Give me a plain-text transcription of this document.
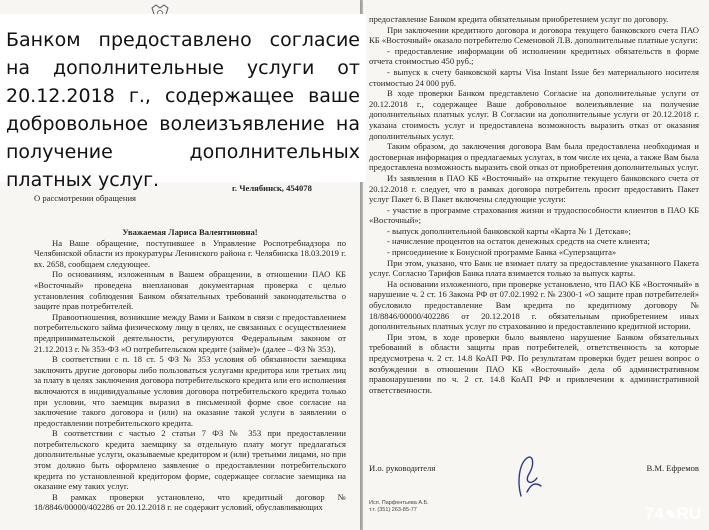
г. Челябинск, 454078
О рассмотрении обращения

Уважаемая Лариса Валентиновна!

На Ваше обращение, поступившее в Управление Роспотребнадзора по Челябинской области из прокуратуры Ленинского района г. Челябинска 18.03.2019 г. вх. 2658, сообщаем следующее.

По основаниям, изложенным в Вашем обращении, в отношении ПАО КБ «Восточный» проведена внеплановая документарная проверка с целью установления соблюдения Банком обязательных требований законодательства о защите прав потребителей.

Правоотношения, возникшие между Вами и Банком в связи с предоставлением потребительского займа физическому лицу в целях, не связанных с осуществлением предпринимательской деятельности, регулируются Федеральным законом от 21.12.2013 г. № 353-ФЗ «О потребительском кредите (займе)» (далее – ФЗ № 353).

В соответствии с п. 18 ст. 5 ФЗ № 353 условия об обязанности заемщика заключить другие договоры либо пользоваться услугами кредитора или третьих лиц за плату в целях заключения договора потребительского кредита или его исполнения включаются в индивидуальные условия договора потребительского кредита только при условии, что заемщик выразил в письменной форме свое согласие на заключение такого договора и (или) на оказание такой услуги в заявлении о предоставлении потребительского кредита.

В соответствии с частью 2 статьи 7 ФЗ № 353 при предоставлении потребительского кредита заемщику за отдельную плату могут предлагаться дополнительные услуги, оказываемые кредитором и (или) третьими лицами, но при этом должно быть оформлено заявление о предоставлении потребительского кредита по установленной кредитором форме, содержащее согласие заемщика на оказание ему таких услуг.

В рамках проверки установлено, что кредитный договор № 18/8846/00000/402286 от 20.12.2018 г. не содержит условий, обуславливающих

предоставление Банком кредита обязательным приобретением услуг по договору.

При заключении кредитного договора и договора текущего банковского счета ПАО КБ «Восточный» оказало потребителю Семеновой Л.В. дополнительные платные услуги:

- предоставление информации об исполнении кредитных обязательств в форме отчета стоимостью 450 руб.;

- выпуск к счету банковской карты Visa Instant Issue без материального носителя стоимостью 24 000 руб.

В ходе проверки Банком представлено Согласие на дополнительные услуги от 20.12.2018 г., содержащее Ваше добровольное волеизъявление на получение дополнительных платных услуг. В Согласии на дополнительные услуги от 20.12.2018 г. указана стоимость услуг и предоставлена возможность выразить отказ от оказания дополнительных услуг.

Таким образом, до заключения договора Вам была предоставлена необходимая и достоверная информация о предлагаемых услугах, в том числе их цена, а также Вам была предоставлена возможность выразить свой отказ от приобретения дополнительных услуг.

Из заявления в ПАО КБ «Восточный» на открытие текущего банковского счета от 20.12.2018 г. следует, что в рамках договора потребитель просит предоставить Пакет услуг Пакет 6. В Пакет включены следующие услуги:

- участие в программе страхования жизни и трудоспособности клиентов в ПАО КБ «Восточный»;

- выпуск дополнительной банковской карты «Карта № 1 Детская»;

- начисление процентов на остаток денежных средств на счете клиента;

- присоединение к Бонусной программе Банка «Суперзащита»

При этом, указано, что Банк не взимает плату за предоставление указанного Пакета услуг. Согласно Тарифов Банка плата взимается только за выпуск карты.

На основании изложенного, при проверке установлено, что ПАО КБ «Восточный» в нарушение ч. 2 ст. 16 Закона РФ от 07.02.1992 г. № 2300-1 «О защите прав потребителей» обусловило предоставление Вам кредита по кредитному договору № 18/8846/00000/402286 от 20.12.2018 г. обязательным приобретением иных дополнительных платных услуг по страхованию и предоставлению кредитной истории.

При этом, в ходе проверки было выявлено нарушение Банком обязательных требований в области защиты прав потребителей, ответственность за которые предусмотрена ч. 2 ст. 14.8 КоАП РФ. По результатам проверки будет решен вопрос о возбуждении в отношении ПАО КБ «Восточный» дела об административном правонарушении по ч. 2 ст. 14.8 КоАП РФ и привлечении к административной ответственности.

И.о. руководителя	В.М. Ефремов
Исп. Парфентьева А.Б.
т.т. (351) 263-85-77	74 ✎RU

Банком предоставлено согласие на дополнительные услуги от 20.12.2018 г., содержащее ваше добровольное волеизъявление на получение дополнительных платных услуг.
